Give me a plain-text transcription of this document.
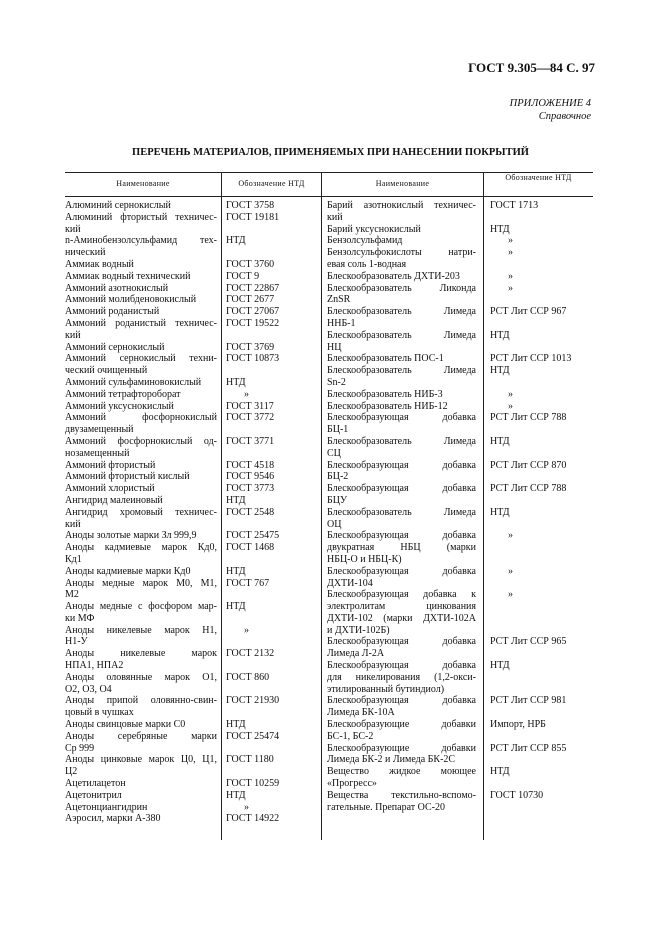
ГОСТ 9.305—84 С. 97
ПРИЛОЖЕНИЕ 4
Справочное
ПЕРЕЧЕНЬ МАТЕРИАЛОВ, ПРИМЕНЯЕМЫХ ПРИ НАНЕСЕНИИ ПОКРЫТИЙ
Наименование	Обозначение НТД	Наименование
Обозначение НТД
Алюминий сернокислый
Алюминий фтористый техничес-
кий
n-Аминобензолсульфамид тех-
нический
Аммиак водный
Аммиак водный технический
Аммоний азотнокислый
Аммоний молибденовокислый
Аммоний роданистый
Аммоний роданистый техничес-
кий
Аммоний сернокислый
Аммоний сернокислый техни-
ческий очищенный
Аммоний сульфаминовокислый
Аммоний тетрафтороборат
Аммоний уксуснокислый
Аммоний фосфорнокислый
двузамещенный
Аммоний фосфорнокислый од-
нозамещенный
Аммоний фтористый
Аммоний фтористый кислый
Аммоний хлористый
Ангидрид малеиновый
Ангидрид хромовый техничес-
кий
Аноды золотые марки Зл 999,9
Аноды кадмиевые марок Кд0,
Кд1
Аноды кадмиевые марки Кд0
Аноды медные марок М0, М1,
М2
Аноды медные с фосфором мар-
ки МФ
Аноды никелевые марок Н1,
Н1-У
Аноды никелевые марок
НПА1, НПА2
Аноды оловянные марок О1,
О2, О3, О4
Аноды припой оловянно-свин-
цовый в чушках
Аноды свинцовые марки С0
Аноды серебряные марки
Ср 999
Аноды цинковые марок Ц0, Ц1,
Ц2
Ацетилацетон
Ацетонитрил
Ацетонциангидрин
Аэросил, марки А-380
ГОСТ 3758
ГОСТ 19181
НТД
ГОСТ 3760
ГОСТ 9
ГОСТ 22867
ГОСТ 2677
ГОСТ 27067
ГОСТ 19522
ГОСТ 3769
ГОСТ 10873
НТД
»
ГОСТ 3117
ГОСТ 3772
ГОСТ 3771
ГОСТ 4518
ГОСТ 9546
ГОСТ 3773
НТД
ГОСТ 2548
ГОСТ 25475
ГОСТ 1468
НТД
ГОСТ 767
НТД
»
ГОСТ 2132
ГОСТ 860
ГОСТ 21930
НТД
ГОСТ 25474
ГОСТ 1180
ГОСТ 10259
НТД
»
ГОСТ 14922
Барий азотнокислый техничес-
кий
Барий уксуснокислый
Бензолсульфамид
Бензолсульфокислоты натри-
евая соль 1-водная
Блескообразователь ДХТИ-203
Блескообразователь Ликонда
ZnSR
Блескообразователь Лимеда
ННБ-1
Блескообразователь Лимеда
НЦ
Блескообразователь ПОС-1
Блескообразователь Лимеда
Sn-2
Блескообразователь НИБ-3
Блескообразователь НИБ-12
Блескообразующая добавка
БЦ-1
Блескообразователь Лимеда
СЦ
Блескообразующая добавка
БЦ-2
Блескообразующая добавка
БЦУ
Блескообразователь Лимеда
ОЦ
Блескообразующая добавка
двукратная НБЦ (марки
НБЦ-О и НБЦ-К)
Блескообразующая добавка
ДХТИ-104
Блескообразующая добавка к
электролитам цинкования
ДХТИ-102 (марки ДХТИ-102А
и ДХТИ-102Б)
Блескообразующая добавка
Лимеда Л-2А
Блескообразующая добавка
для никелирования (1,2-окси-
этилированный бутиндиол)
Блескообразующая добавка
Лимеда БК-10А
Блескообразующие добавки
БС-1, БС-2
Блескообразующие добавки
Лимеда БК-2 и Лимеда БК-2С
Вещество жидкое моющее
«Прогресс»
Вещества текстильно-вспомо-
гательные. Препарат ОС-20
ГОСТ 1713
НТД
»
»
»
»
РСТ Лит ССР 967
НТД
РСТ Лит ССР 1013
НТД
»
»
РСТ Лит ССР 788
НТД
РСТ Лит ССР 870
РСТ Лит ССР 788
НТД
»
»
»
РСТ Лит ССР 965
НТД
РСТ Лит ССР 981
Импорт, НРБ
РСТ Лит ССР 855
НТД
ГОСТ 10730
